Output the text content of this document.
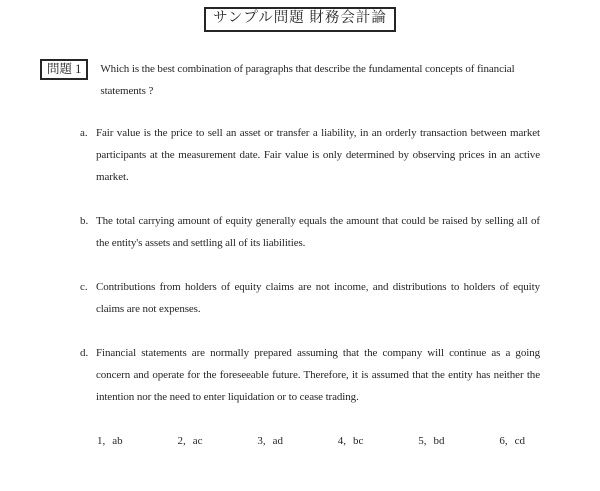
サンプル問題 財務会計論
問題 1	Which is the best combination of paragraphs that describe the fundamental concepts of financial statements ?
a. Fair value is the price to sell an asset or transfer a liability, in an orderly transaction between market participants at the measurement date. Fair value is only determined by observing prices in an active market.
b. The total carrying amount of equity generally equals the amount that could be raised by selling all of the entity's assets and settling all of its liabilities.
c. Contributions from holders of equity claims are not income, and distributions to holders of equity claims are not expenses.
d. Financial statements are normally prepared assuming that the company will continue as a going concern and operate for the foreseeable future. Therefore, it is assumed that the entity has neither the intention nor the need to enter liquidation or to cease trading.
1, ab	2, ac	3, ad	4, bc	5, bd	6, cd
